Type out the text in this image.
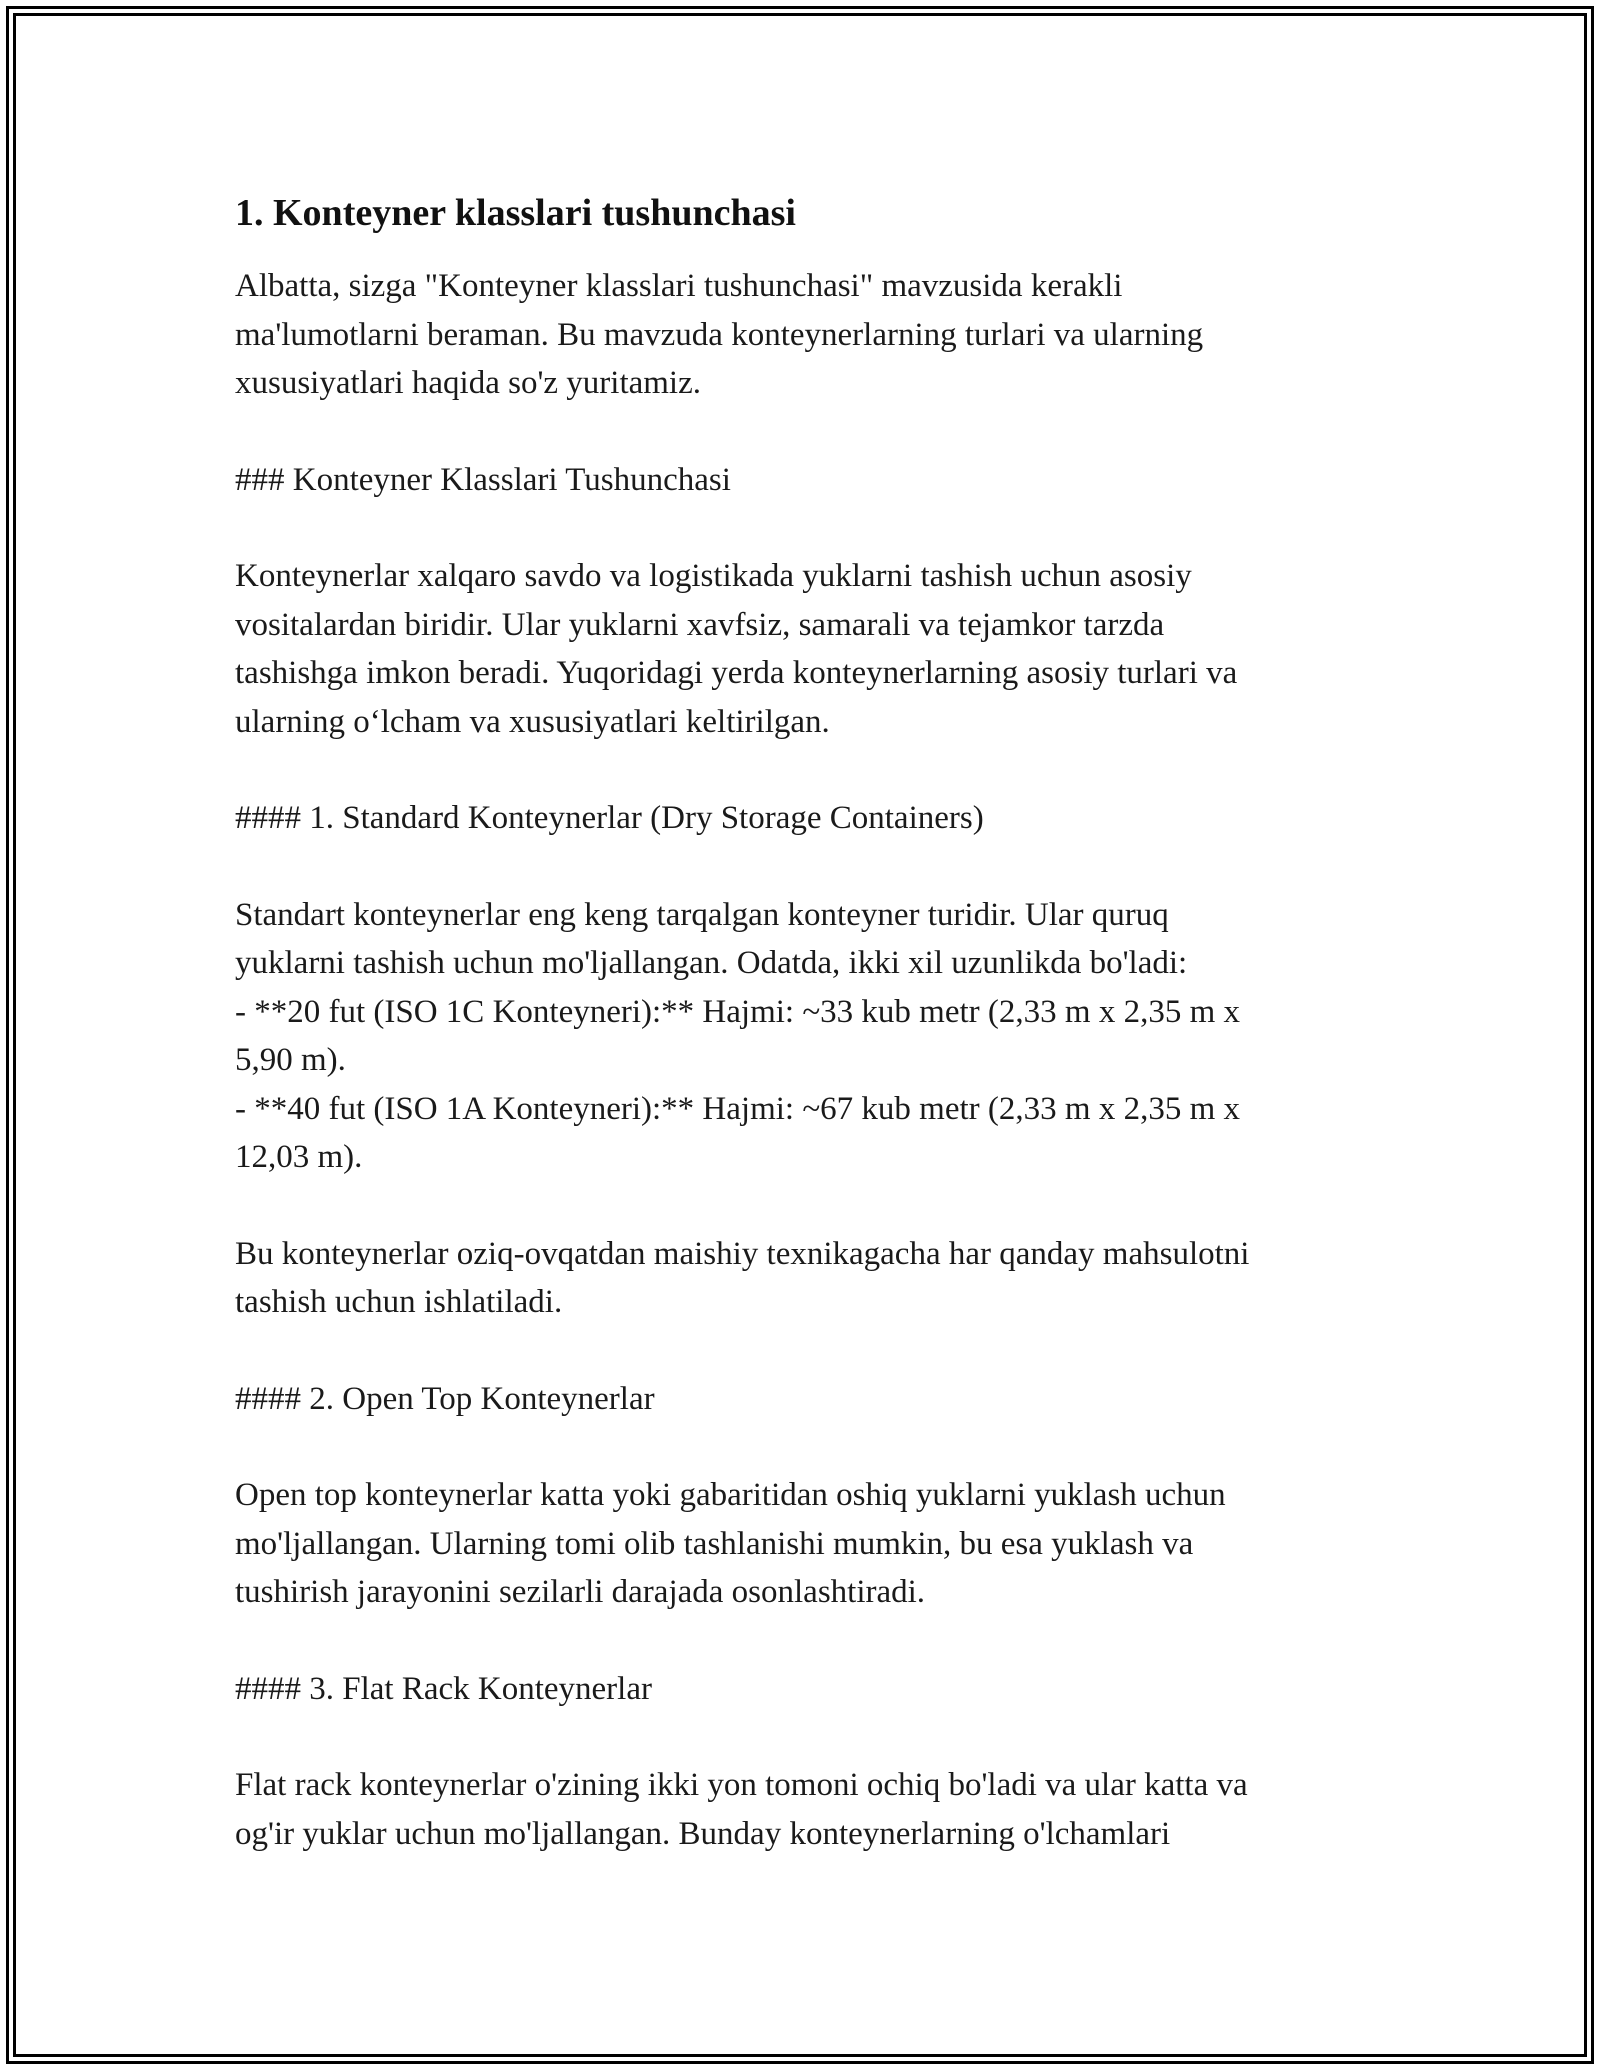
1. Konteyner klasslari tushunchasi

Albatta, sizga "Konteyner klasslari tushunchasi" mavzusida kerakli
ma'lumotlarni beraman. Bu mavzuda konteynerlarning turlari va ularning
xususiyatlari haqida so'z yuritamiz.

### Konteyner Klasslari Tushunchasi

Konteynerlar xalqaro savdo va logistikada yuklarni tashish uchun asosiy
vositalardan biridir. Ular yuklarni xavfsiz, samarali va tejamkor tarzda
tashishga imkon beradi. Yuqoridagi yerda konteynerlarning asosiy turlari va
ularning o‘lcham va xususiyatlari keltirilgan.

#### 1. Standard Konteynerlar (Dry Storage Containers)

Standart konteynerlar eng keng tarqalgan konteyner turidir. Ular quruq
yuklarni tashish uchun mo'ljallangan. Odatda, ikki xil uzunlikda bo'ladi:
- **20 fut (ISO 1C Konteyneri):** Hajmi: ~33 kub metr (2,33 m x 2,35 m x
5,90 m).
- **40 fut (ISO 1A Konteyneri):** Hajmi: ~67 kub metr (2,33 m x 2,35 m x
12,03 m).

Bu konteynerlar oziq-ovqatdan maishiy texnikagacha har qanday mahsulotni
tashish uchun ishlatiladi.

#### 2. Open Top Konteynerlar

Open top konteynerlar katta yoki gabaritidan oshiq yuklarni yuklash uchun
mo'ljallangan. Ularning tomi olib tashlanishi mumkin, bu esa yuklash va
tushirish jarayonini sezilarli darajada osonlashtiradi.

#### 3. Flat Rack Konteynerlar

Flat rack konteynerlar o'zining ikki yon tomoni ochiq bo'ladi va ular katta va
og'ir yuklar uchun mo'ljallangan. Bunday konteynerlarning o'lchamlari
